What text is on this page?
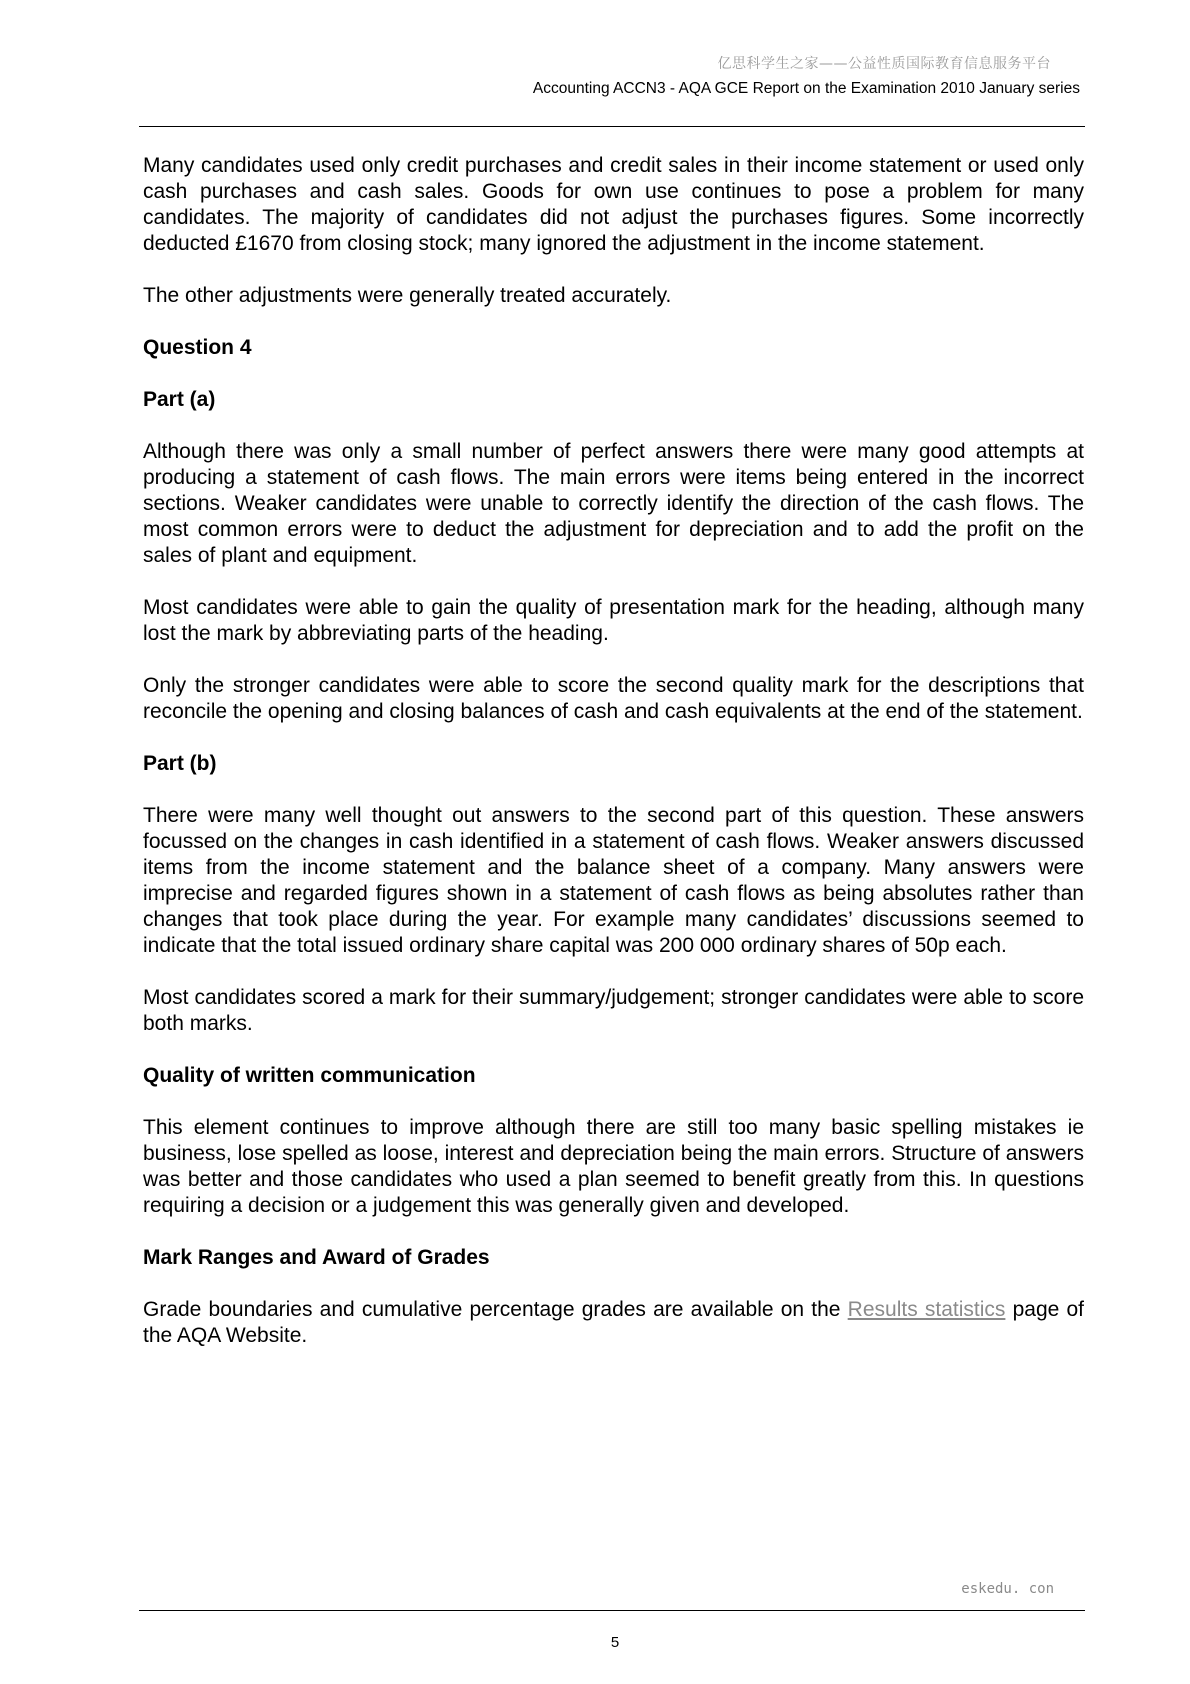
亿思科学生之家——公益性质国际教育信息服务平台
Accounting ACCN3 - AQA GCE Report on the Examination 2010 January series

Many candidates used only credit purchases and credit sales in their income statement or used only cash purchases and cash sales. Goods for own use continues to pose a problem for many candidates. The majority of candidates did not adjust the purchases figures. Some incorrectly deducted £1670 from closing stock; many ignored the adjustment in the income statement.

The other adjustments were generally treated accurately.

Question 4
Part (a)

Although there was only a small number of perfect answers there were many good attempts at producing a statement of cash flows. The main errors were items being entered in the incorrect sections. Weaker candidates were unable to correctly identify the direction of the cash flows. The most common errors were to deduct the adjustment for depreciation and to add the profit on the sales of plant and equipment.

Most candidates were able to gain the quality of presentation mark for the heading, although many lost the mark by abbreviating parts of the heading.

Only the stronger candidates were able to score the second quality mark for the descriptions that reconcile the opening and closing balances of cash and cash equivalents at the end of the statement.

Part (b)

There were many well thought out answers to the second part of this question. These answers focussed on the changes in cash identified in a statement of cash flows. Weaker answers discussed items from the income statement and the balance sheet of a company. Many answers were imprecise and regarded figures shown in a statement of cash flows as being absolutes rather than changes that took place during the year. For example many candidates’ discussions seemed to indicate that the total issued ordinary share capital was 200 000 ordinary shares of 50p each.

Most candidates scored a mark for their summary/judgement; stronger candidates were able to score both marks.

Quality of written communication

This element continues to improve although there are still too many basic spelling mistakes ie business, lose spelled as loose, interest and depreciation being the main errors. Structure of answers was better and those candidates who used a plan seemed to benefit greatly from this. In questions requiring a decision or a judgement this was generally given and developed.

Mark Ranges and Award of Grades

Grade boundaries and cumulative percentage grades are available on the Results statistics page of the AQA Website.

eskedu. con
5
